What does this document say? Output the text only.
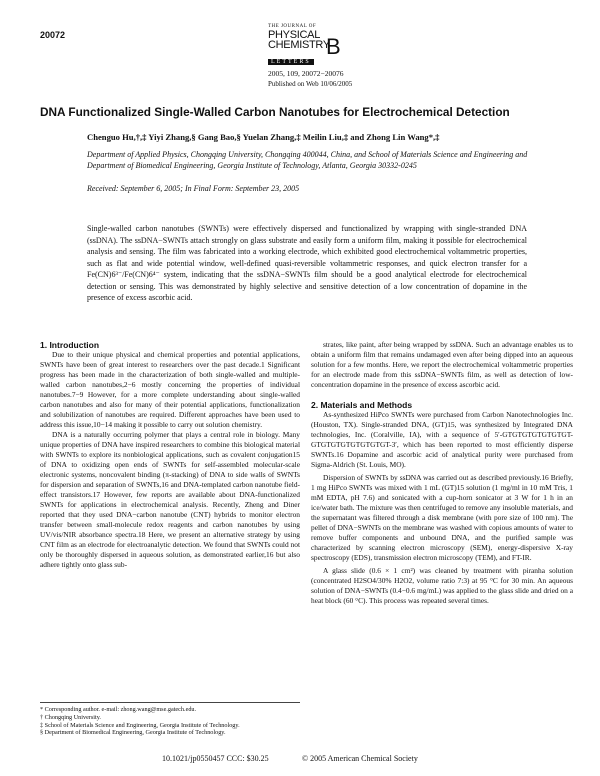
20072
THE JOURNAL OF
PHYSICAL
CHEMISTRY
B
LETTERS
2005, 109, 20072−20076
Published on Web 10/06/2005
DNA Functionalized Single-Walled Carbon Nanotubes for Electrochemical Detection
Chenguo Hu,†,‡ Yiyi Zhang,§ Gang Bao,§ Yuelan Zhang,‡ Meilin Liu,‡ and Zhong Lin Wang*,‡
Department of Applied Physics, Chongqing University, Chongqing 400044, China, and School of Materials Science and Engineering and Department of Biomedical Engineering, Georgia Institute of Technology, Atlanta, Georgia 30332-0245
Received: September 6, 2005; In Final Form: September 23, 2005
Single-walled carbon nanotubes (SWNTs) were effectively dispersed and functionalized by wrapping with single-stranded DNA (ssDNA). The ssDNA−SWNTs attach strongly on glass substrate and easily form a uniform film, making it possible for electrochemical analysis and sensing. The film was fabricated into a working electrode, which exhibited good electrochemical voltammetric properties, such as flat and wide potential window, well-defined quasi-reversible voltammetric responses, and quick electron transfer for a Fe(CN)6³⁻/Fe(CN)6⁴⁻ system, indicating that the ssDNA−SWNTs film should be a good analytical electrode for electrochemical detection or sensing. This was demonstrated by highly selective and sensitive detection of a low concentration of dopamine in the presence of excess ascorbic acid.

1. Introduction

Due to their unique physical and chemical properties and potential applications, SWNTs have been of great interest to researchers over the past decade.1 Significant progress has been made in the characterization of both single-walled and multiple-walled carbon nanotubes,2−6 mostly concerning the properties of individual nanotubes.7−9 However, for a more complete understanding about single-walled carbon nanotubes and also for many of their potential applications, functionalization and solubilization of nanotubes are required. Different approaches have been used to address this issue,10−14 making it possible to carry out solution chemistry.

DNA is a naturally occurring polymer that plays a central role in biology. Many unique properties of DNA have inspired researchers to combine this biological material with SWNTs to explore its nonbiological applications, such as covalent conjugation15 of DNA to oxidizing open ends of SWNTs for self-assembled molecular-scale electronic systems, noncovalent binding (π-stacking) of DNA to side walls of SWNTs for dispersion and separation of SWNTs,16 and DNA-templated carbon nanotube field-effect transistors.17 However, few reports are available about DNA-functionalized SWNTs for applications in electrochemical analysis. Recently, Zheng and Diner reported that they used DNA−carbon nanotube (CNT) hybrids to monitor electron transfer between small-molecule redox reagents and carbon nanotubes by using UV/vis/NIR absorbance spectra.18 Here, we present an alternative strategy by using CNT film as an electrode for electroanalytic detection. We found that SWNTs could not only be thoroughly dispersed in aqueous solution, as demonstrated earlier,16 but also adhere tightly onto glass sub-

* Corresponding author. e-mail: zhong.wang@mse.gatech.edu.
† Chongqing University.
‡ School of Materials Science and Engineering, Georgia Institute of Technology.
§ Department of Biomedical Engineering, Georgia Institute of Technology.

strates, like paint, after being wrapped by ssDNA. Such an advantage enables us to obtain a uniform film that remains undamaged even after being dipped into an aqueous solution for a few months. Here, we report the electrochemical voltammetric properties for an electrode made from this ssDNA−SWNTs film, as well as detection of low-concentration dopamine in the presence of excess ascorbic acid.

2. Materials and Methods

As-synthesized HiPco SWNTs were purchased from Carbon Nanotechnologies Inc. (Houston, TX). Single-stranded DNA, (GT)15, was synthesized by Integrated DNA technologies, Inc. (Coralville, IA), with a sequence of 5′-GTGTGTGTGTGTGT-GTGTGTGTGTGTGTGT-3′, which has been reported to most efficiently disperse SWNTs.16 Dopamine and ascorbic acid of analytical purity were purchased from Sigma-Aldrich (St. Louis, MO).

Dispersion of SWNTs by ssDNA was carried out as described previously.16 Briefly, 1 mg HiPco SWNTs was mixed with 1 mL (GT)15 solution (1 mg/ml in 10 mM Tris, 1 mM EDTA, pH 7.6) and sonicated with a cup-horn sonicator at 3 W for 1 h in an ice/water bath. The mixture was then centrifuged to remove any insoluble materials, and the supernatant was filtered through a disk membrane (with pore size of 100 nm). The pellet of DNA−SWNTs on the membrane was washed with copious amounts of water to remove buffer components and unbound DNA, and the purified sample was characterized by scanning electron microscopy (SEM), energy-dispersive X-ray spectroscopy (EDS), transmission electron microscopy (TEM), and FT-IR.

A glass slide (0.6 × 1 cm²) was cleaned by treatment with piranha solution (concentrated H2SO4/30% H2O2, volume ratio 7:3) at 95 °C for 30 min. An aqueous solution of DNA−SWNTs (0.4−0.6 mg/mL) was applied to the glass slide and dried on a heat block (60 °C). This process was repeated several times.

10.1021/jp0550457 CCC: $30.25	© 2005 American Chemical Society
